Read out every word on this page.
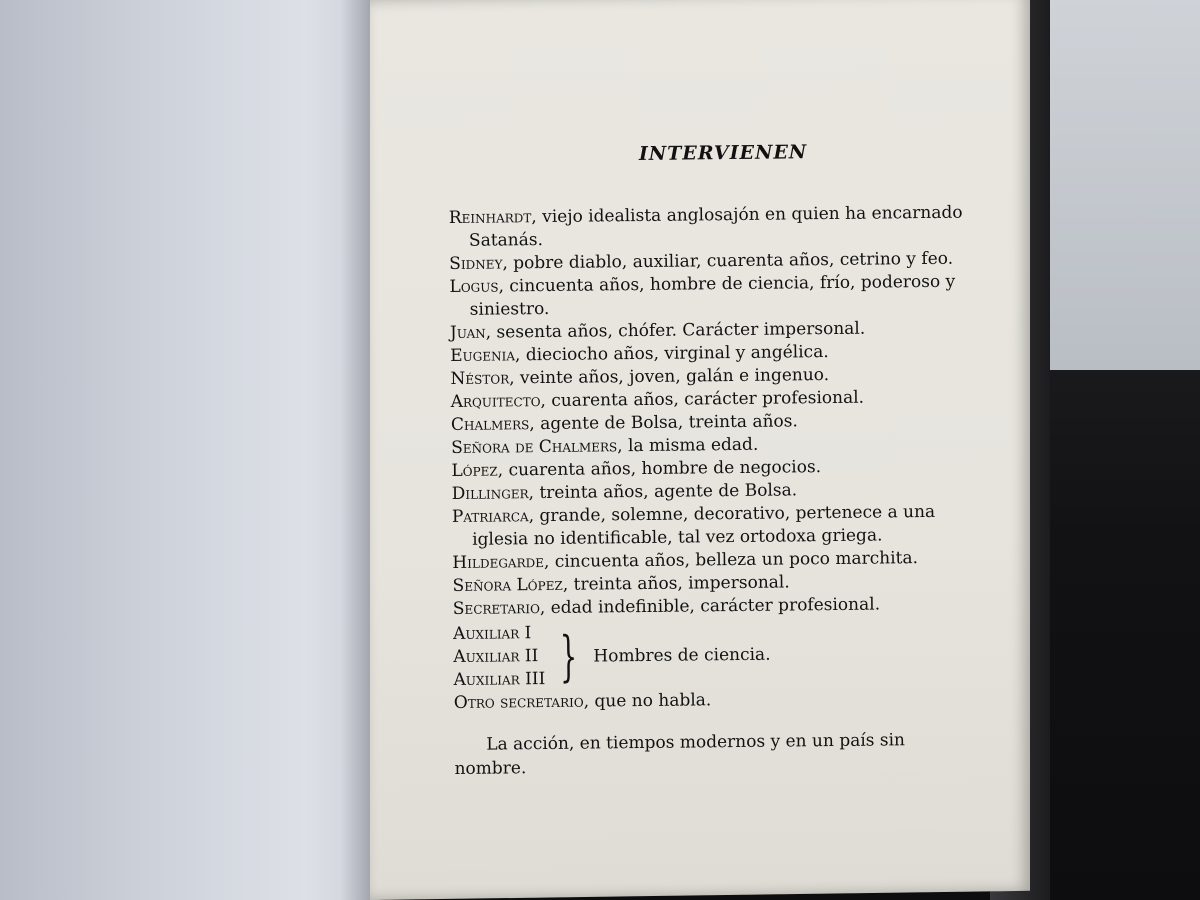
INTERVIENEN

Reinhardt, viejo idealista anglosajón en quien ha encarnado Satanás.

Sidney, pobre diablo, auxiliar, cuarenta años, cetrino y feo.

Logus, cincuenta años, hombre de ciencia, frío, poderoso y siniestro.

Juan, sesenta años, chófer. Carácter impersonal.

Eugenia, dieciocho años, virginal y angélica.

Néstor, veinte años, joven, galán e ingenuo.

Arquitecto, cuarenta años, carácter profesional.

Chalmers, agente de Bolsa, treinta años.

Señora de Chalmers, la misma edad.

López, cuarenta años, hombre de negocios.

Dillinger, treinta años, agente de Bolsa.

Patriarca, grande, solemne, decorativo, pertenece a una iglesia no identificable, tal vez ortodoxa griega.

Hildegarde, cincuenta años, belleza un poco marchita.

Señora López, treinta años, impersonal.

Secretario, edad indefinible, carácter profesional.

Auxiliar I
Auxiliar II
Auxiliar III } Hombres de ciencia.

Otro secretario, que no habla.

La acción, en tiempos modernos y en un país sin nombre.
